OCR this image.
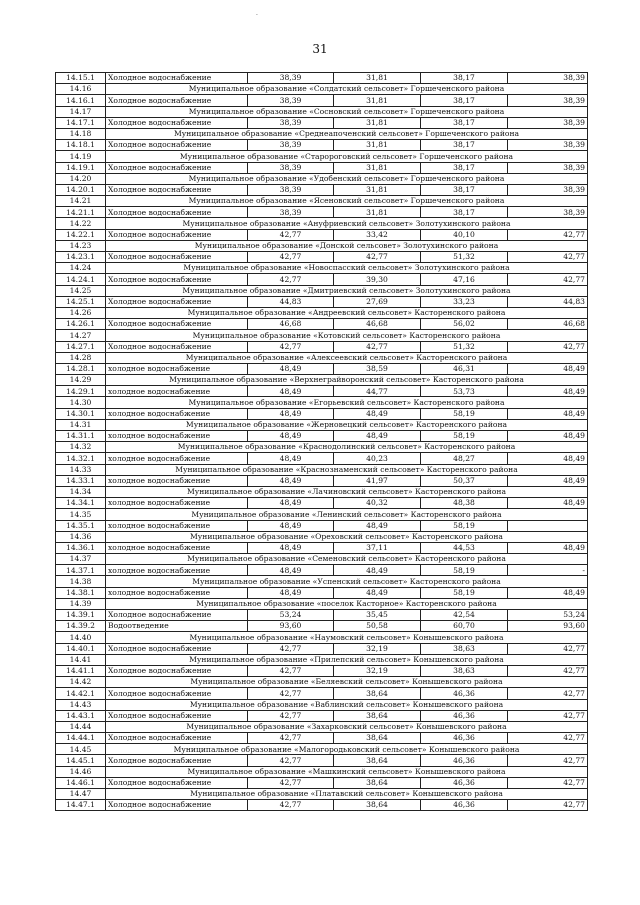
·
31
14.15.1	Холодное водоснабжение	38,39	31,81	38,17	38,39
14.16	Муниципальное образование «Солдатский сельсовет» Горшеченского района				
14.16.1	Холодное водоснабжение	38,39	31,81	38,17	38,39
14.17	Муниципальное образование «Сосновский сельсовет» Горшеченского района				
14.17.1	Холодное водоснабжение	38,39	31,81	38,17	38,39
14.18	Муниципальное образование «Среднеапоченский сельсовет» Горшеченского района				
14.18.1	Холодное водоснабжение	38,39	31,81	38,17	38,39
14.19	Муниципальное образование «Старороговский сельсовет» Горшеченского района				
14.19.1	Холодное водоснабжение	38,39	31,81	38,17	38,39
14.20	Муниципальное образование «Удобенский сельсовет» Горшеченского района				
14.20.1	Холодное водоснабжение	38,39	31,81	38,17	38,39
14.21	Муниципальное образование «Ясеновский сельсовет» Горшеченского района				
14.21.1	Холодное водоснабжение	38,39	31,81	38,17	38,39
14.22	Муниципальное образование «Ануфриевский сельсовет» Золотухинского района				
14.22.1	Холодное водоснабжение	42,77	33,42	40,10	42,77
14.23	Муниципальное образование «Донской сельсовет» Золотухинского района				
14.23.1	Холодное водоснабжение	42,77	42,77	51,32	42,77
14.24	Муниципальное образование «Новоспасский сельсовет» Золотухинского района				
14.24.1	Холодное водоснабжение	42,77	39,30	47,16	42,77
14.25	Муниципальное образование «Дмитриевский сельсовет» Золотухинского района				
14.25.1	Холодное водоснабжение	44,83	27,69	33,23	44,83
14.26	Муниципальное образование «Андреевский сельсовет» Касторенского района				
14.26.1	Холодное водоснабжение	46,68	46,68	56,02	46,68
14.27	Муниципальное образование «Котовский сельсовет» Касторенского района				
14.27.1	Холодное водоснабжение	42,77	42,77	51,32	42,77
14.28	Муниципальное образование «Алексеевский сельсовет» Касторенского района				
14.28.1	холодное водоснабжение	48,49	38,59	46,31	48,49
14.29	Муниципальное образование «Верхнеграйворонский сельсовет» Касторенского района				
14.29.1	холодное водоснабжение	48,49	44,77	53,73	48,49
14.30	Муниципальное образование «Егорьевский сельсовет» Касторенского района				
14.30.1	холодное водоснабжение	48,49	48,49	58,19	48,49
14.31	Муниципальное образование «Жерновецкий сельсовет» Касторенского района				
14.31.1	холодное водоснабжение	48,49	48,49	58,19	48,49
14.32	Муниципальное образование «Краснодолинский сельсовет» Касторенского района				
14.32.1	холодное водоснабжение	48,49	40,23	48,27	48,49
14.33	Муниципальное образование «Краснознаменский сельсовет» Касторенского района				
14.33.1	холодное водоснабжение	48,49	41,97	50,37	48,49
14.34	Муниципальное образование «Лачиновский сельсовет» Касторенского района				
14.34.1	холодное водоснабжение	48,49	40,32	48,38	48,49
14.35	Муниципальное образование «Ленинский сельсовет» Касторенского района				
14.35.1	холодное водоснабжение	48,49	48,49	58,19	
14.36	Муниципальное образование «Ореховский сельсовет» Касторенского района				
14.36.1	холодное водоснабжение	48,49	37,11	44,53	48,49
14.37	Муниципальное образование «Семеновский сельсовет» Касторенского района				
14.37.1	холодное водоснабжение	48,49	48,49	58,19	-
14.38	Муниципальное образование «Успенский сельсовет» Касторенского района				
14.38.1	холодное водоснабжение	48,49	48,49	58,19	48,49
14.39	Муниципальное образование «поселок Касторное» Касторенского района				
14.39.1	Холодное водоснабжение	53,24	35,45	42,54	53,24
14.39.2	Водоотведение	93,60	50,58	60,70	93,60
14.40	Муниципальное образование «Наумовский сельсовет» Конышевского района				
14.40.1	Холодное водоснабжение	42,77	32,19	38,63	42,77
14.41	Муниципальное образование «Прилепский сельсовет» Конышевского района				
14.41.1	Холодное водоснабжение	42,77	32,19	38,63	42,77
14.42	Муниципальное образование «Беляевский сельсовет» Конышевского района				
14.42.1	Холодное водоснабжение	42,77	38,64	46,36	42,77
14.43	Муниципальное образование «Ваблинский сельсовет» Конышевского района				
14.43.1	Холодное водоснабжение	42,77	38,64	46,36	42,77
14.44	Муниципальное образование «Захарковский сельсовет» Конышевского района				
14.44.1	Холодное водоснабжение	42,77	38,64	46,36	42,77
14.45	Муниципальное образование «Малогородьковский сельсовет» Конышевского района				
14.45.1	Холодное водоснабжение	42,77	38,64	46,36	42,77
14.46	Муниципальное образование «Машкинский сельсовет» Конышевского района				
14.46.1	Холодное водоснабжение	42,77	38,64	46,36	42,77
14.47	Муниципальное образование «Платавский сельсовет» Конышевского района				
14.47.1	Холодное водоснабжение	42,77	38,64	46,36	42,77
